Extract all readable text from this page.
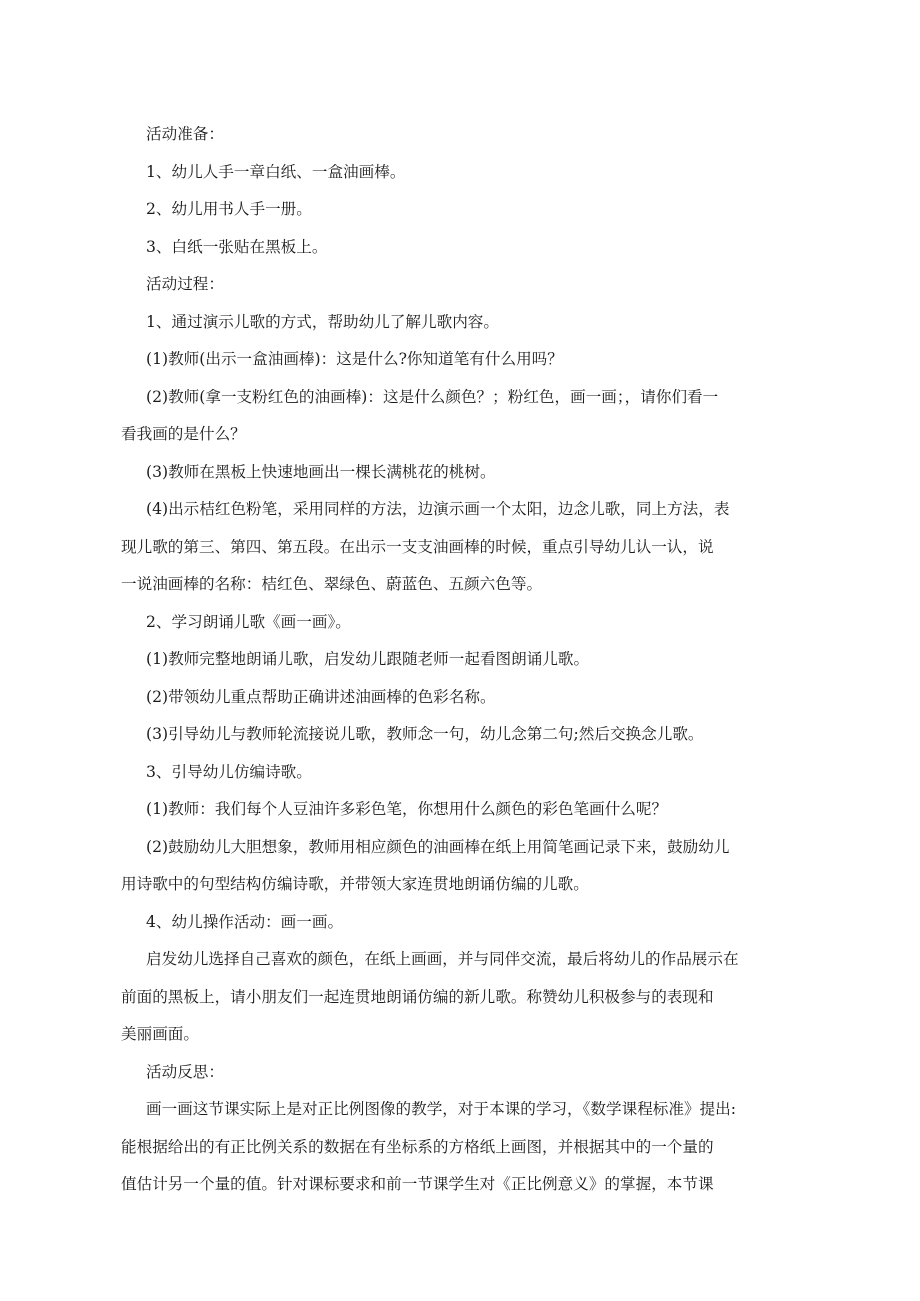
活动准备：

1、幼儿人手一章白纸、一盒油画棒。

2、幼儿用书人手一册。

3、白纸一张贴在黑板上。

活动过程：

1、通过演示儿歌的方式，帮助幼儿了解儿歌内容。

(1)教师(出示一盒油画棒)：这是什么?你知道笔有什么用吗？

(2)教师(拿一支粉红色的油画棒)：这是什么颜色？；粉红色，画一画；，请你们看一
看我画的是什么？

(3)教师在黑板上快速地画出一棵长满桃花的桃树。

(4)出示桔红色粉笔，采用同样的方法，边演示画一个太阳，边念儿歌，同上方法，表
现儿歌的第三、第四、第五段。在出示一支支油画棒的时候，重点引导幼儿认一认，说
一说油画棒的名称：桔红色、翠绿色、蔚蓝色、五颜六色等。

2、学习朗诵儿歌《画一画》。

(1)教师完整地朗诵儿歌，启发幼儿跟随老师一起看图朗诵儿歌。

(2)带领幼儿重点帮助正确讲述油画棒的色彩名称。

(3)引导幼儿与教师轮流接说儿歌，教师念一句，幼儿念第二句;然后交换念儿歌。

3、引导幼儿仿编诗歌。

(1)教师：我们每个人豆油许多彩色笔，你想用什么颜色的彩色笔画什么呢？

(2)鼓励幼儿大胆想象，教师用相应颜色的油画棒在纸上用简笔画记录下来，鼓励幼儿
用诗歌中的句型结构仿编诗歌，并带领大家连贯地朗诵仿编的儿歌。

4、幼儿操作活动：画一画。

启发幼儿选择自己喜欢的颜色，在纸上画画，并与同伴交流，最后将幼儿的作品展示在
前面的黑板上，请小朋友们一起连贯地朗诵仿编的新儿歌。称赞幼儿积极参与的表现和
美丽画面。

活动反思：

画一画这节课实际上是对正比例图像的教学，对于本课的学习，《数学课程标准》提出:
能根据给出的有正比例关系的数据在有坐标系的方格纸上画图，并根据其中的一个量的
值估计另一个量的值。针对课标要求和前一节课学生对《正比例意义》的掌握，本节课
